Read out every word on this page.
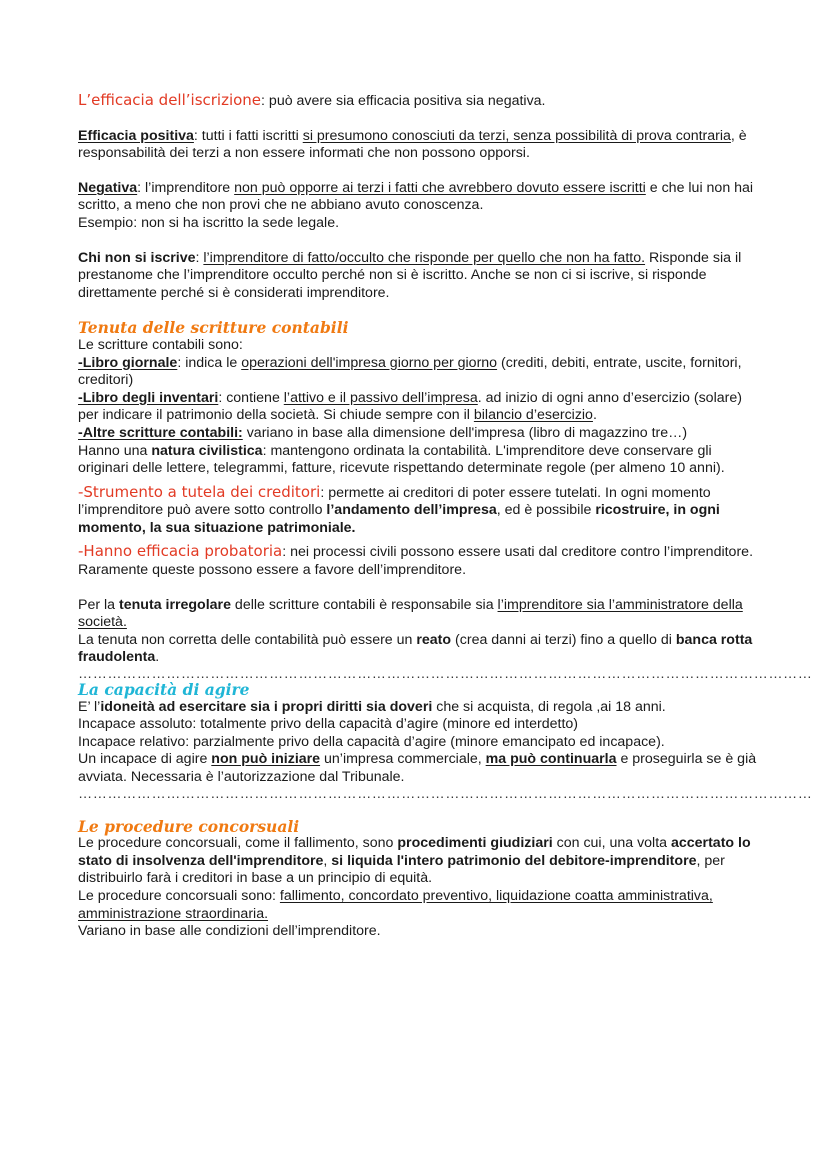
L’efficacia dell’iscrizione: può avere sia efficacia positiva sia negativa.

Efficacia positiva: tutti i fatti iscritti si presumono conosciuti da terzi, senza possibilità di prova contraria, è responsabilità dei terzi a non essere informati che non possono opporsi.

Negativa: l’imprenditore non può opporre ai terzi i fatti che avrebbero dovuto essere iscritti e che lui non hai scritto, a meno che non provi che ne abbiano avuto conoscenza.

Esempio: non si ha iscritto la sede legale.

Chi non si iscrive: l’imprenditore di fatto/occulto che risponde per quello che non ha fatto. Risponde sia il prestanome che l’imprenditore occulto perché non si è iscritto. Anche se non ci si iscrive, si risponde direttamente perché si è considerati imprenditore.

Tenuta delle scritture contabili

Le scritture contabili sono:

-Libro giornale: indica le operazioni dell'impresa giorno per giorno (crediti, debiti, entrate, uscite, fornitori, creditori)

-Libro degli inventari: contiene l’attivo e il passivo dell’impresa. ad inizio di ogni anno d’esercizio (solare) per indicare il patrimonio della società. Si chiude sempre con il bilancio d’esercizio.

-Altre scritture contabili: variano in base alla dimensione dell'impresa (libro di magazzino tre…)

Hanno una natura civilistica: mantengono ordinata la contabilità. L'imprenditore deve conservare gli originari delle lettere, telegrammi, fatture, ricevute rispettando determinate regole (per almeno 10 anni).

-Strumento a tutela dei creditori: permette ai creditori di poter essere tutelati. In ogni momento l’imprenditore può avere sotto controllo l’andamento dell’impresa, ed è possibile ricostruire, in ogni momento, la sua situazione patrimoniale.

-Hanno efficacia probatoria: nei processi civili possono essere usati dal creditore contro l’imprenditore. Raramente queste possono essere a favore dell’imprenditore.

Per la tenuta irregolare delle scritture contabili è responsabile sia l’imprenditore sia l’amministratore della società.

La tenuta non corretta delle contabilità può essere un reato (crea danni ai terzi) fino a quello di banca rotta fraudolenta.

……………………………………………………………………………………………………………………………………

La capacità di agire

E’ l’idoneità ad esercitare sia i propri diritti sia doveri che si acquista, di regola ,ai 18 anni.

Incapace assoluto: totalmente privo della capacità d’agire (minore ed interdetto)

Incapace relativo: parzialmente privo della capacità d’agire (minore emancipato ed incapace).

Un incapace di agire non può iniziare un’impresa commerciale, ma può continuarla e proseguirla se è già avviata. Necessaria è l’autorizzazione dal Tribunale.

……………………………………………………………………………………………………………………………………

Le procedure concorsuali

Le procedure concorsuali, come il fallimento, sono procedimenti giudiziari con cui, una volta accertato lo stato di insolvenza dell'imprenditore, si liquida l'intero patrimonio del debitore-imprenditore, per distribuirlo farà i creditori in base a un principio di equità.

Le procedure concorsuali sono: fallimento, concordato preventivo, liquidazione coatta amministrativa, amministrazione straordinaria.

Variano in base alle condizioni dell’imprenditore.
